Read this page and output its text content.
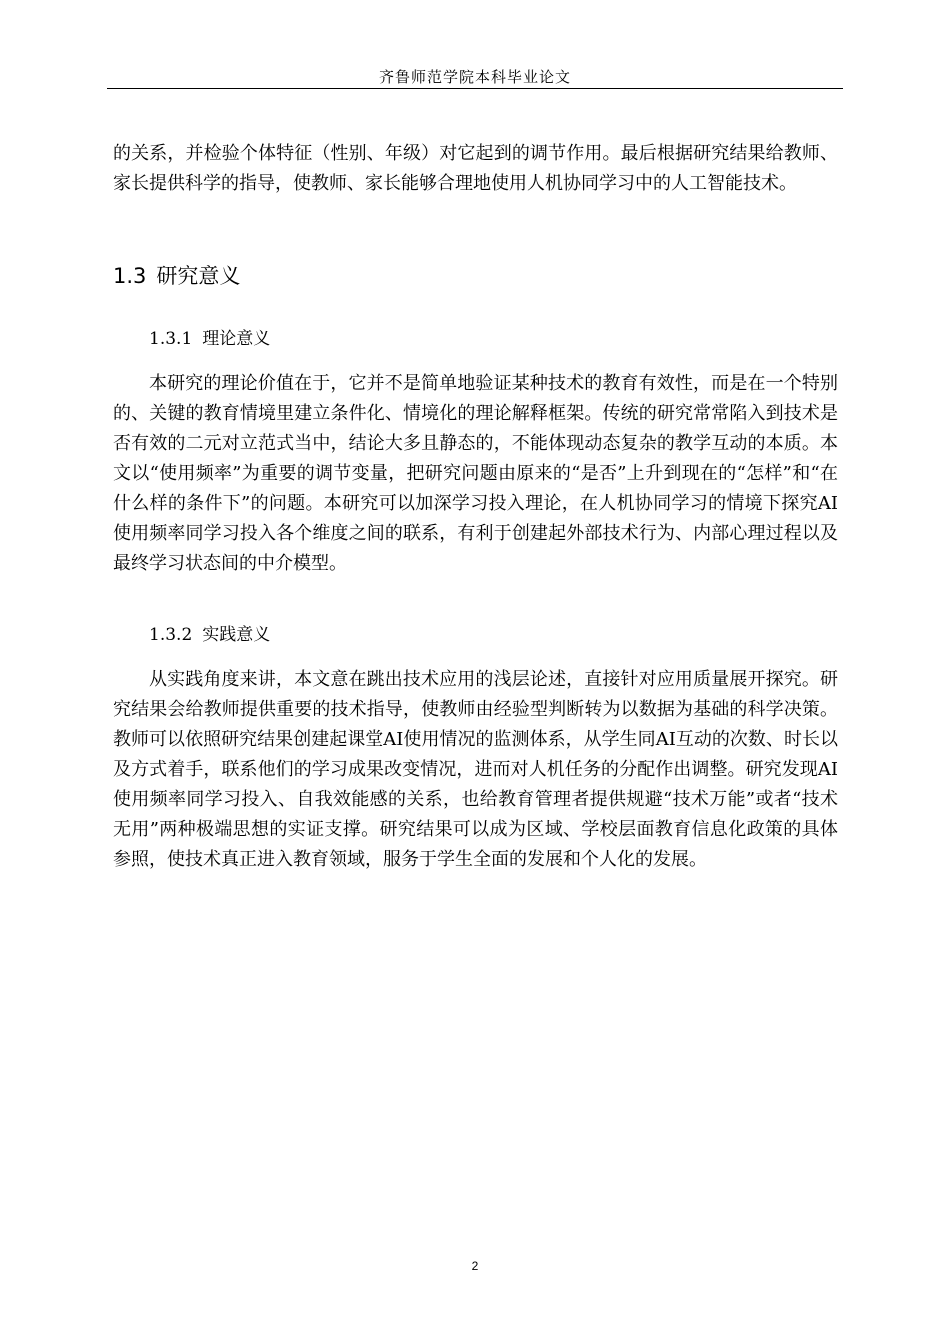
齐鲁师范学院本科毕业论文

的关系，并检验个体特征（性别、年级）对它起到的调节作用。最后根据研究结果给教师、家长提供科学的指导，使教师、家长能够合理地使用人机协同学习中的人工智能技术。

1.3 研究意义
1.3.1 理论意义

本研究的理论价值在于，它并不是简单地验证某种技术的教育有效性，而是在一个特别的、关键的教育情境里建立条件化、情境化的理论解释框架。传统的研究常常陷入到技术是否有效的二元对立范式当中，结论大多且静态的，不能体现动态复杂的教学互动的本质。本文以“使用频率”为重要的调节变量，把研究问题由原来的“是否”上升到现在的“怎样”和“在什么样的条件下”的问题。本研究可以加深学习投入理论，在人机协同学习的情境下探究AI使用频率同学习投入各个维度之间的联系，有利于创建起外部技术行为、内部心理过程以及最终学习状态间的中介模型。

1.3.2 实践意义

从实践角度来讲，本文意在跳出技术应用的浅层论述，直接针对应用质量展开探究。研究结果会给教师提供重要的技术指导，使教师由经验型判断转为以数据为基础的科学决策。教师可以依照研究结果创建起课堂AI使用情况的监测体系，从学生同AI互动的次数、时长以及方式着手，联系他们的学习成果改变情况，进而对人机任务的分配作出调整。研究发现AI使用频率同学习投入、自我效能感的关系，也给教育管理者提供规避“技术万能”或者“技术无用”两种极端思想的实证支撑。研究结果可以成为区域、学校层面教育信息化政策的具体参照，使技术真正进入教育领域，服务于学生全面的发展和个人化的发展。

2
